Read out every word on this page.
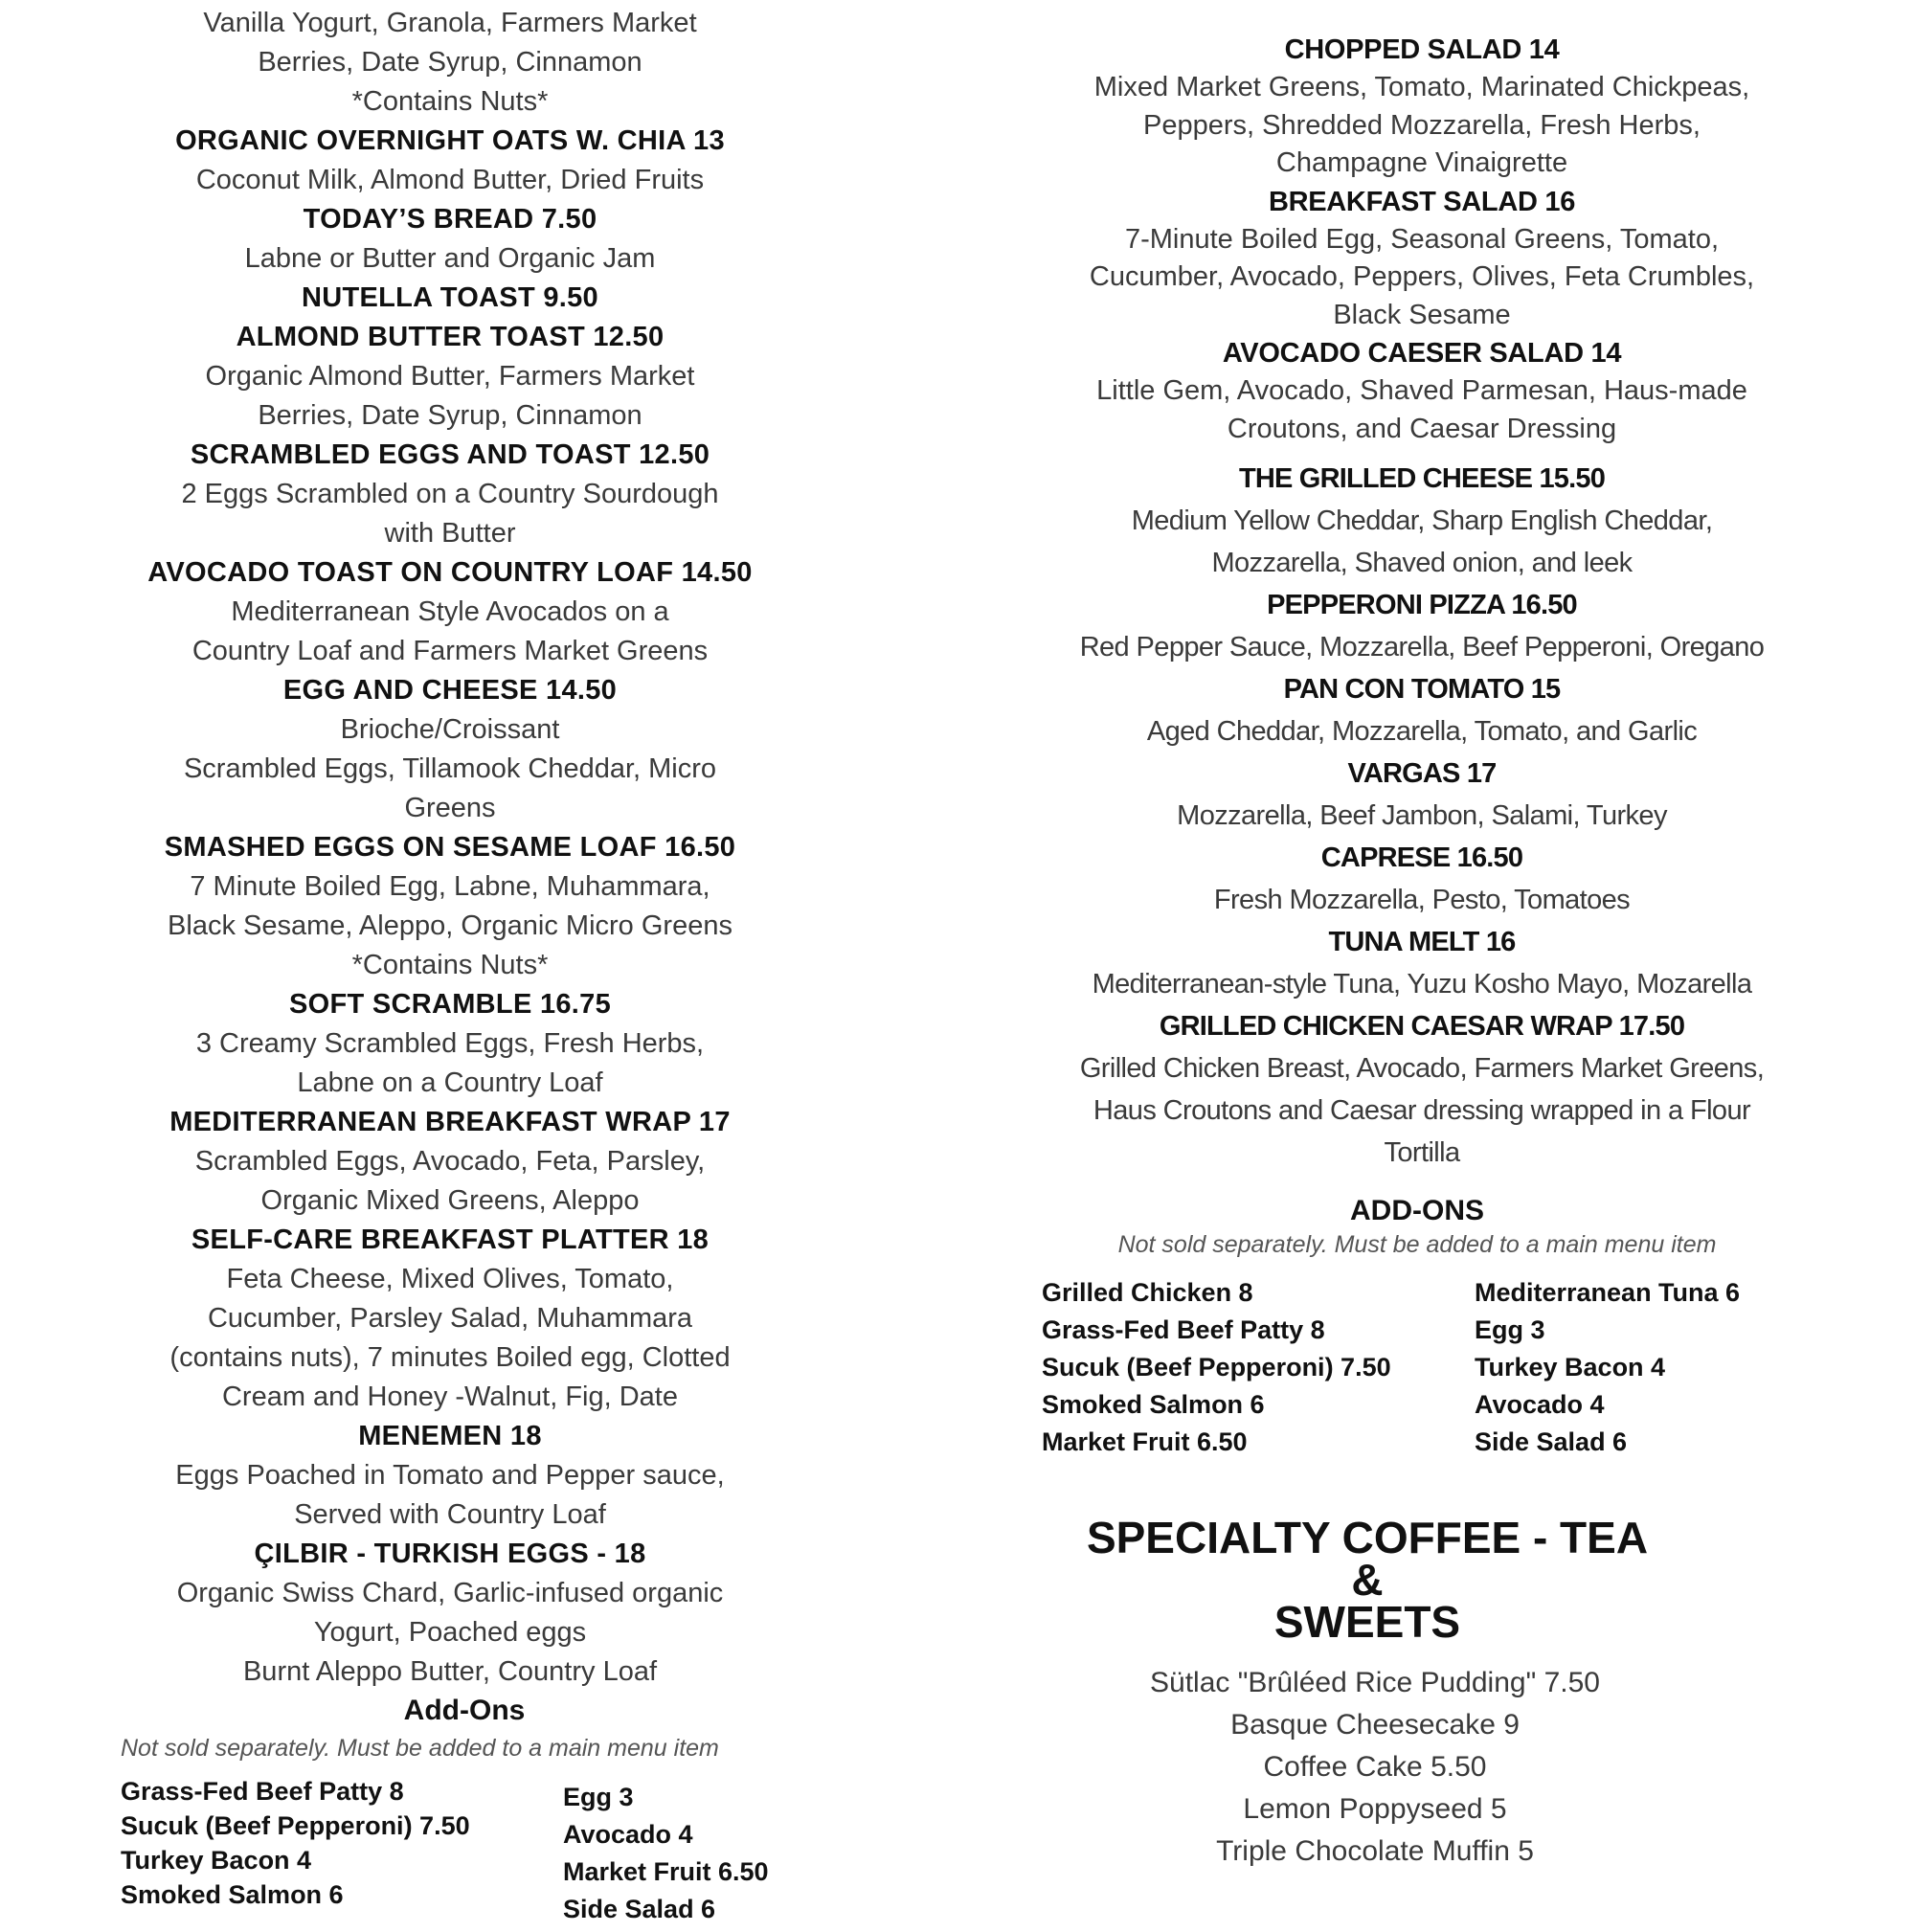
Vanilla Yogurt, Granola, Farmers Market
Berries, Date Syrup, Cinnamon
*Contains Nuts*
ORGANIC OVERNIGHT OATS W. CHIA 13
Coconut Milk, Almond Butter, Dried Fruits
TODAY’S BREAD 7.50
Labne or Butter and Organic Jam
NUTELLA TOAST 9.50
ALMOND BUTTER TOAST 12.50
Organic Almond Butter, Farmers Market
Berries, Date Syrup, Cinnamon
SCRAMBLED EGGS AND TOAST 12.50
2 Eggs Scrambled on a Country Sourdough
with Butter
AVOCADO TOAST ON COUNTRY LOAF 14.50
Mediterranean Style Avocados on a
Country Loaf and Farmers Market Greens
EGG AND CHEESE 14.50
Brioche/Croissant
Scrambled Eggs, Tillamook Cheddar, Micro
Greens
SMASHED EGGS ON SESAME LOAF 16.50
7 Minute Boiled Egg, Labne, Muhammara,
Black Sesame, Aleppo, Organic Micro Greens
*Contains Nuts*
SOFT SCRAMBLE 16.75
3 Creamy Scrambled Eggs, Fresh Herbs,
Labne on a Country Loaf
MEDITERRANEAN BREAKFAST WRAP 17
Scrambled Eggs, Avocado, Feta, Parsley,
Organic Mixed Greens, Aleppo
SELF-CARE BREAKFAST PLATTER 18
Feta Cheese, Mixed Olives, Tomato,
Cucumber, Parsley Salad, Muhammara
(contains nuts), 7 minutes Boiled egg, Clotted
Cream and Honey -Walnut, Fig, Date
MENEMEN 18
Eggs Poached in Tomato and Pepper sauce,
Served with Country Loaf
ÇILBIR - TURKISH EGGS - 18
Organic Swiss Chard, Garlic-infused organic
Yogurt, Poached eggs
Burnt Aleppo Butter, Country Loaf
Add-Ons
Not sold separately. Must be added to a main menu item
Grass-Fed Beef Patty 8
Sucuk (Beef Pepperoni) 7.50
Turkey Bacon 4
Smoked Salmon 6
Egg 3
Avocado 4
Market Fruit 6.50
Side Salad 6
CHOPPED SALAD 14
Mixed Market Greens, Tomato, Marinated Chickpeas,
Peppers, Shredded Mozzarella, Fresh Herbs,
Champagne Vinaigrette
BREAKFAST SALAD 16
7-Minute Boiled Egg, Seasonal Greens, Tomato,
Cucumber, Avocado, Peppers, Olives, Feta Crumbles,
Black Sesame
AVOCADO CAESER SALAD 14
Little Gem, Avocado, Shaved Parmesan, Haus-made
Croutons, and Caesar Dressing
THE GRILLED CHEESE 15.50
Medium Yellow Cheddar, Sharp English Cheddar,
Mozzarella, Shaved onion, and leek
PEPPERONI PIZZA 16.50
Red Pepper Sauce, Mozzarella, Beef Pepperoni, Oregano
PAN CON TOMATO 15
Aged Cheddar, Mozzarella, Tomato, and Garlic
VARGAS 17
Mozzarella, Beef Jambon, Salami, Turkey
CAPRESE 16.50
Fresh Mozzarella, Pesto, Tomatoes
TUNA MELT 16
Mediterranean-style Tuna, Yuzu Kosho Mayo, Mozarella
GRILLED CHICKEN CAESAR WRAP 17.50
Grilled Chicken Breast, Avocado, Farmers Market Greens,
Haus Croutons and Caesar dressing wrapped in a Flour
Tortilla
ADD-ONS
Not sold separately. Must be added to a main menu item
Grilled Chicken 8
Grass-Fed Beef Patty 8
Sucuk (Beef Pepperoni) 7.50
Smoked Salmon 6
Market Fruit 6.50
Mediterranean Tuna 6
Egg 3
Turkey Bacon 4
Avocado 4
Side Salad 6
SPECIALTY COFFEE - TEA
&
SWEETS
Sütlac "Brûléed Rice Pudding" 7.50
Basque Cheesecake 9
Coffee Cake 5.50
Lemon Poppyseed 5
Triple Chocolate Muffin 5
